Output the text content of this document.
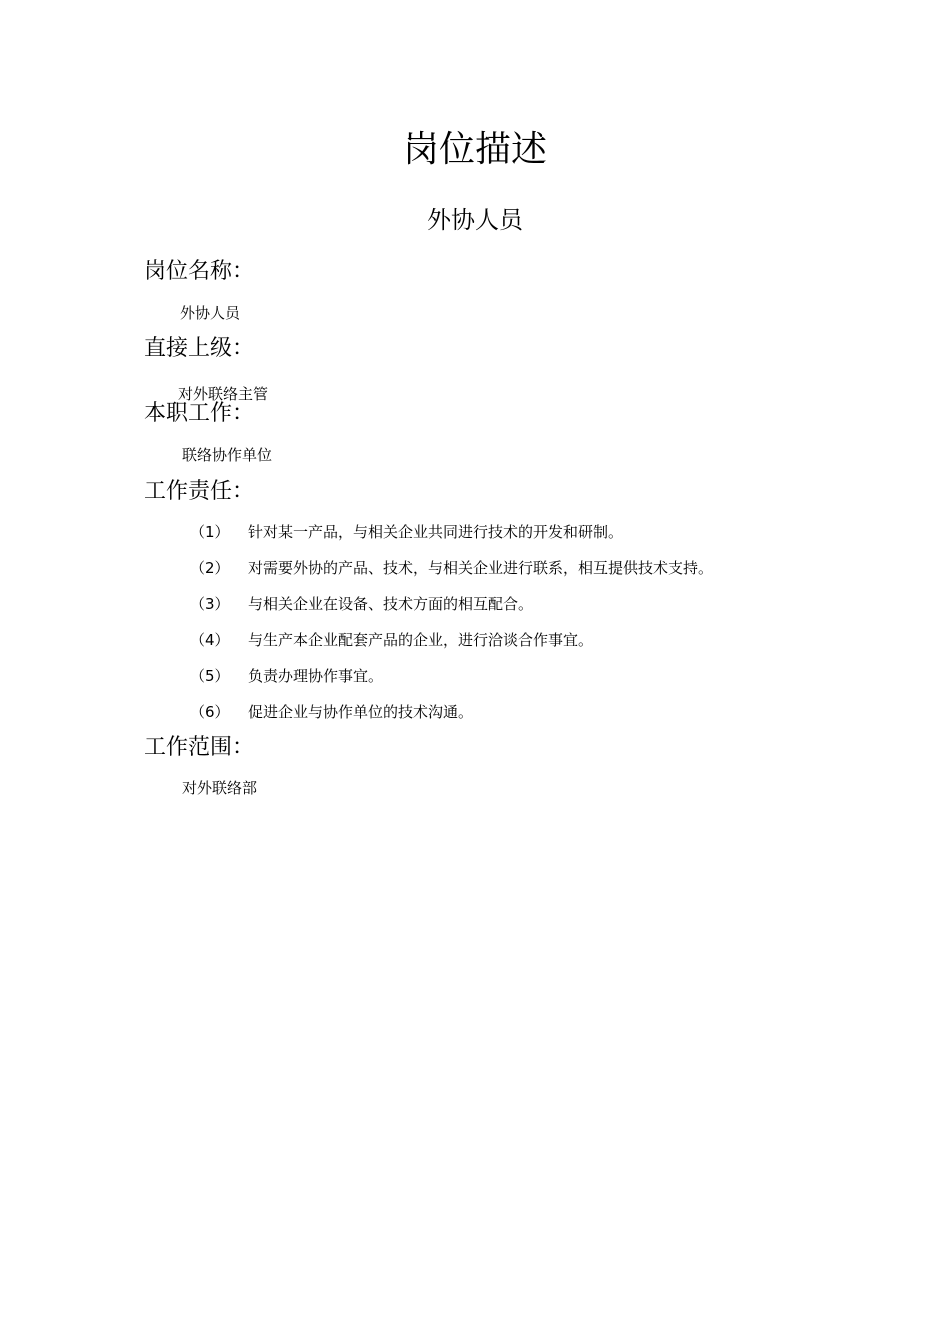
岗位描述
外协人员
岗位名称：
外协人员
直接上级：
对外联络主管
本职工作：
联络协作单位
工作责任：
（1） 针对某一产品，与相关企业共同进行技术的开发和研制。
（2） 对需要外协的产品、技术，与相关企业进行联系，相互提供技术支持。
（3） 与相关企业在设备、技术方面的相互配合。
（4） 与生产本企业配套产品的企业，进行洽谈合作事宜。
（5） 负责办理协作事宜。
（6） 促进企业与协作单位的技术沟通。
工作范围：
对外联络部
